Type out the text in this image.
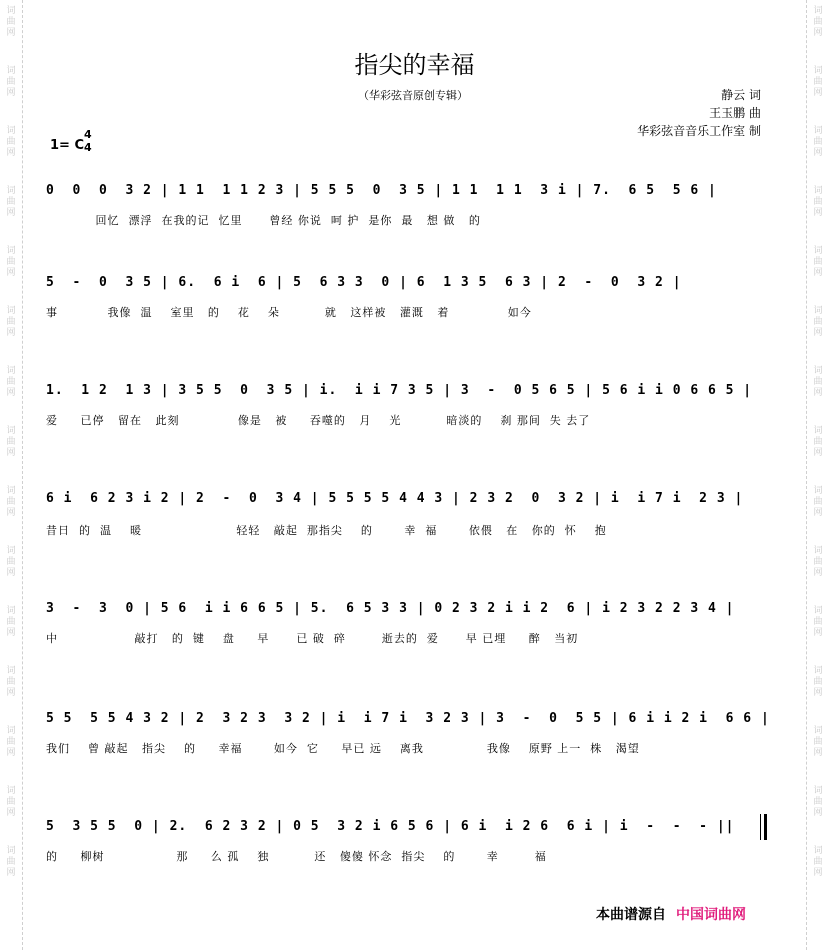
词
曲
网
词
曲
网
词
曲
网
词
曲
网
词
曲
网
词
曲
网
词
曲
网
词
曲
网
词
曲
网
词
曲
网
词
曲
网
词
曲
网
词
曲
网
词
曲
网
词
曲
网
词
曲
网
词
曲
网
词
曲
网
词
曲
网
词
曲
网
词
曲
网
词
曲
网
词
曲
网
词
曲
网
词
曲
网
词
曲
网
词
曲
网
词
曲
网
词
曲
网
词
曲
网
指尖的幸福
（华彩弦音原创专辑）	静云 词
王玉鹏 曲
华彩弦音音乐工作室 制
1= C
4
4
0  0  0  3 2 | 1 1  1 1 2 3 | 5 5 5  0  3 5 | 1 1  1 1  3 i | 7.  6 5  5 6 |
回忆  漂浮  在我的记  忆里      曾经 你说  呵 护  是你  最   想 做   的
5  -  0  3 5 | 6.  6 i  6 | 5  6 3 3  0 | 6  1 3 5  6 3 | 2  -  0  3 2 |
事           我像  温    室里   的    花    朵          就   这样被   灌溉   着             如今
1.  1 2  1 3 | 3 5 5  0  3 5 | i.  i i 7 3 5 | 3  -  0 5 6 5 | 5 6 i i 0 6 6 5 |
爱     已停   留在   此刻             像是   被     吞噬的   月    光          暗淡的    刹 那间  失 去了
6 i  6 2 3 i 2 | 2  -  0  3 4 | 5 5 5 5 4 4 3 | 2 3 2  0  3 2 | i  i 7 i  2 3 |
昔日  的  温    暖                     轻轻   敲起  那指尖    的       幸  福       依偎   在   你的  怀    抱
3  -  3  0 | 5 6  i i 6 6 5 | 5.  6 5 3 3 | 0 2 3 2 i i 2  6 | i 2 3 2 2 3 4 |
中                 敲打   的  键    盘     早      已 破  碎        逝去的  爱      早 已埋     醉   当初
5 5  5 5 4 3 2 | 2  3 2 3  3 2 | i  i 7 i  3 2 3 | 3  -  0  5 5 | 6 i i 2 i  6 6 |
我们    曾 敲起   指尖    的     幸福       如今  它     早已 远    离我              我像    原野 上一  株   渴望
5  3 5 5  0 | 2.  6 2 3 2 | 0 5  3 2 i 6 5 6 | 6 i  i 2 6  6 i | i  -  -  - ||
的     柳树                那     么 孤    独          还   傻傻 怀念  指尖    的       幸        福
本曲谱源自 中国词曲网
